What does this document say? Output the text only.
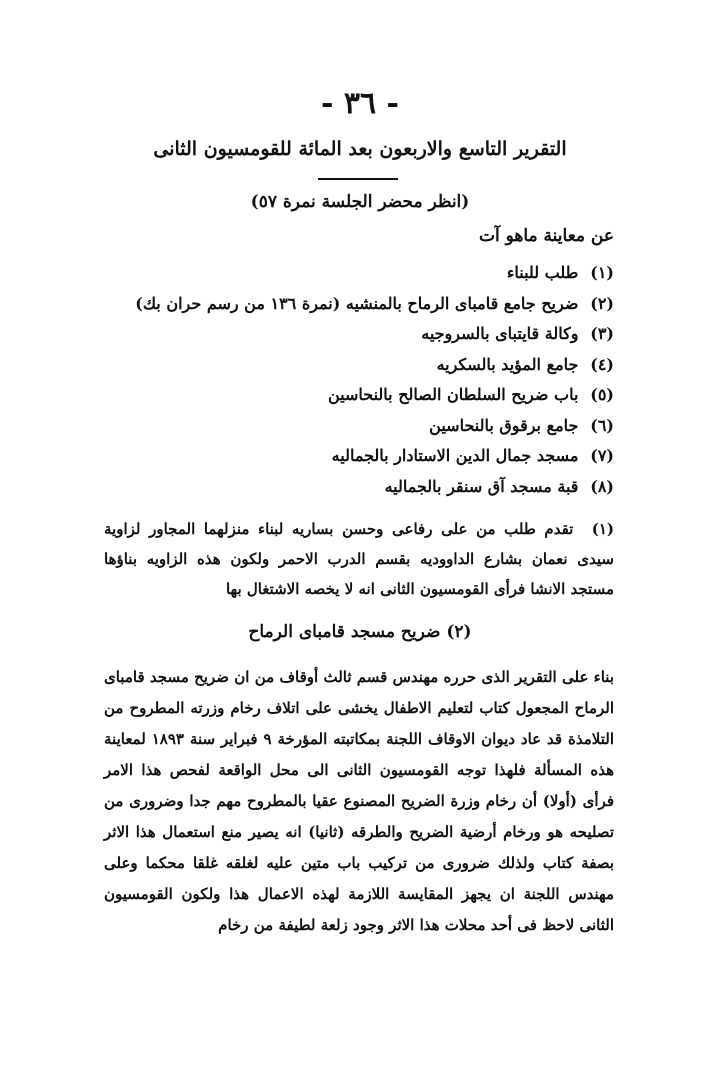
- ٣٦ -
التقرير التاسع والاربعون بعد المائة للقومسيون الثانى
(انظر محضر الجلسة نمرة ٥٧)
عن معاينة ماهو آت
(١) طلب للبناء
(٢) ضريح جامع قامباى الرماح بالمنشيه (نمرة ١٣٦ من رسم حران بك)
(٣) وكالة قايتباى بالسروجيه
(٤) جامع المؤيد بالسكريه
(٥) باب ضريح السلطان الصالح بالنحاسين
(٦) جامع برقوق بالنحاسين
(٧) مسجد جمال الدين الاستادار بالجماليه
(٨) قبة مسجد آق سنقر بالجماليه

(١) تقدم طلب من على رفاعى وحسن بساريه لبناء منزلهما المجاور لزاوية سيدى نعمان بشارع الداووديه بقسم الدرب الاحمر ولكون هذه الزاويه بناؤها مستجد الانشا فرأى القومسيون الثانى انه لا يخصه الاشتغال بها

(٢) ضريح مسجد قامباى الرماح

بناء على التقرير الذى حرره مهندس قسم ثالث أوقاف من ان ضريح مسجد قامباى الرماح المجعول كتاب لتعليم الاطفال يخشى على اتلاف رخام وزرته المطروح من التلامذة قد عاد ديوان الاوقاف اللجنة بمكاتبته المؤرخة ٩ فبراير سنة ١٨٩٣ لمعاينة هذه المسألة فلهذا توجه القومسيون الثانى الى محل الواقعة لفحص هذا الامر فرأى (أولا) أن رخام وزرة الضريح المصنوع عقيا بالمطروح مهم جدا وضرورى من تصليحه هو ورخام أرضية الضريح والطرقه (ثانيا) انه يصير منع استعمال هذا الاثر بصفة كتاب ولذلك ضرورى من تركيب باب متين عليه لغلقه غلقا محكما وعلى مهندس اللجنة ان يجهز المقايسة اللازمة لهذه الاعمال هذا ولكون القومسيون الثانى لاحظ فى أحد محلات هذا الاثر وجود زلعة لطيفة من رخام
